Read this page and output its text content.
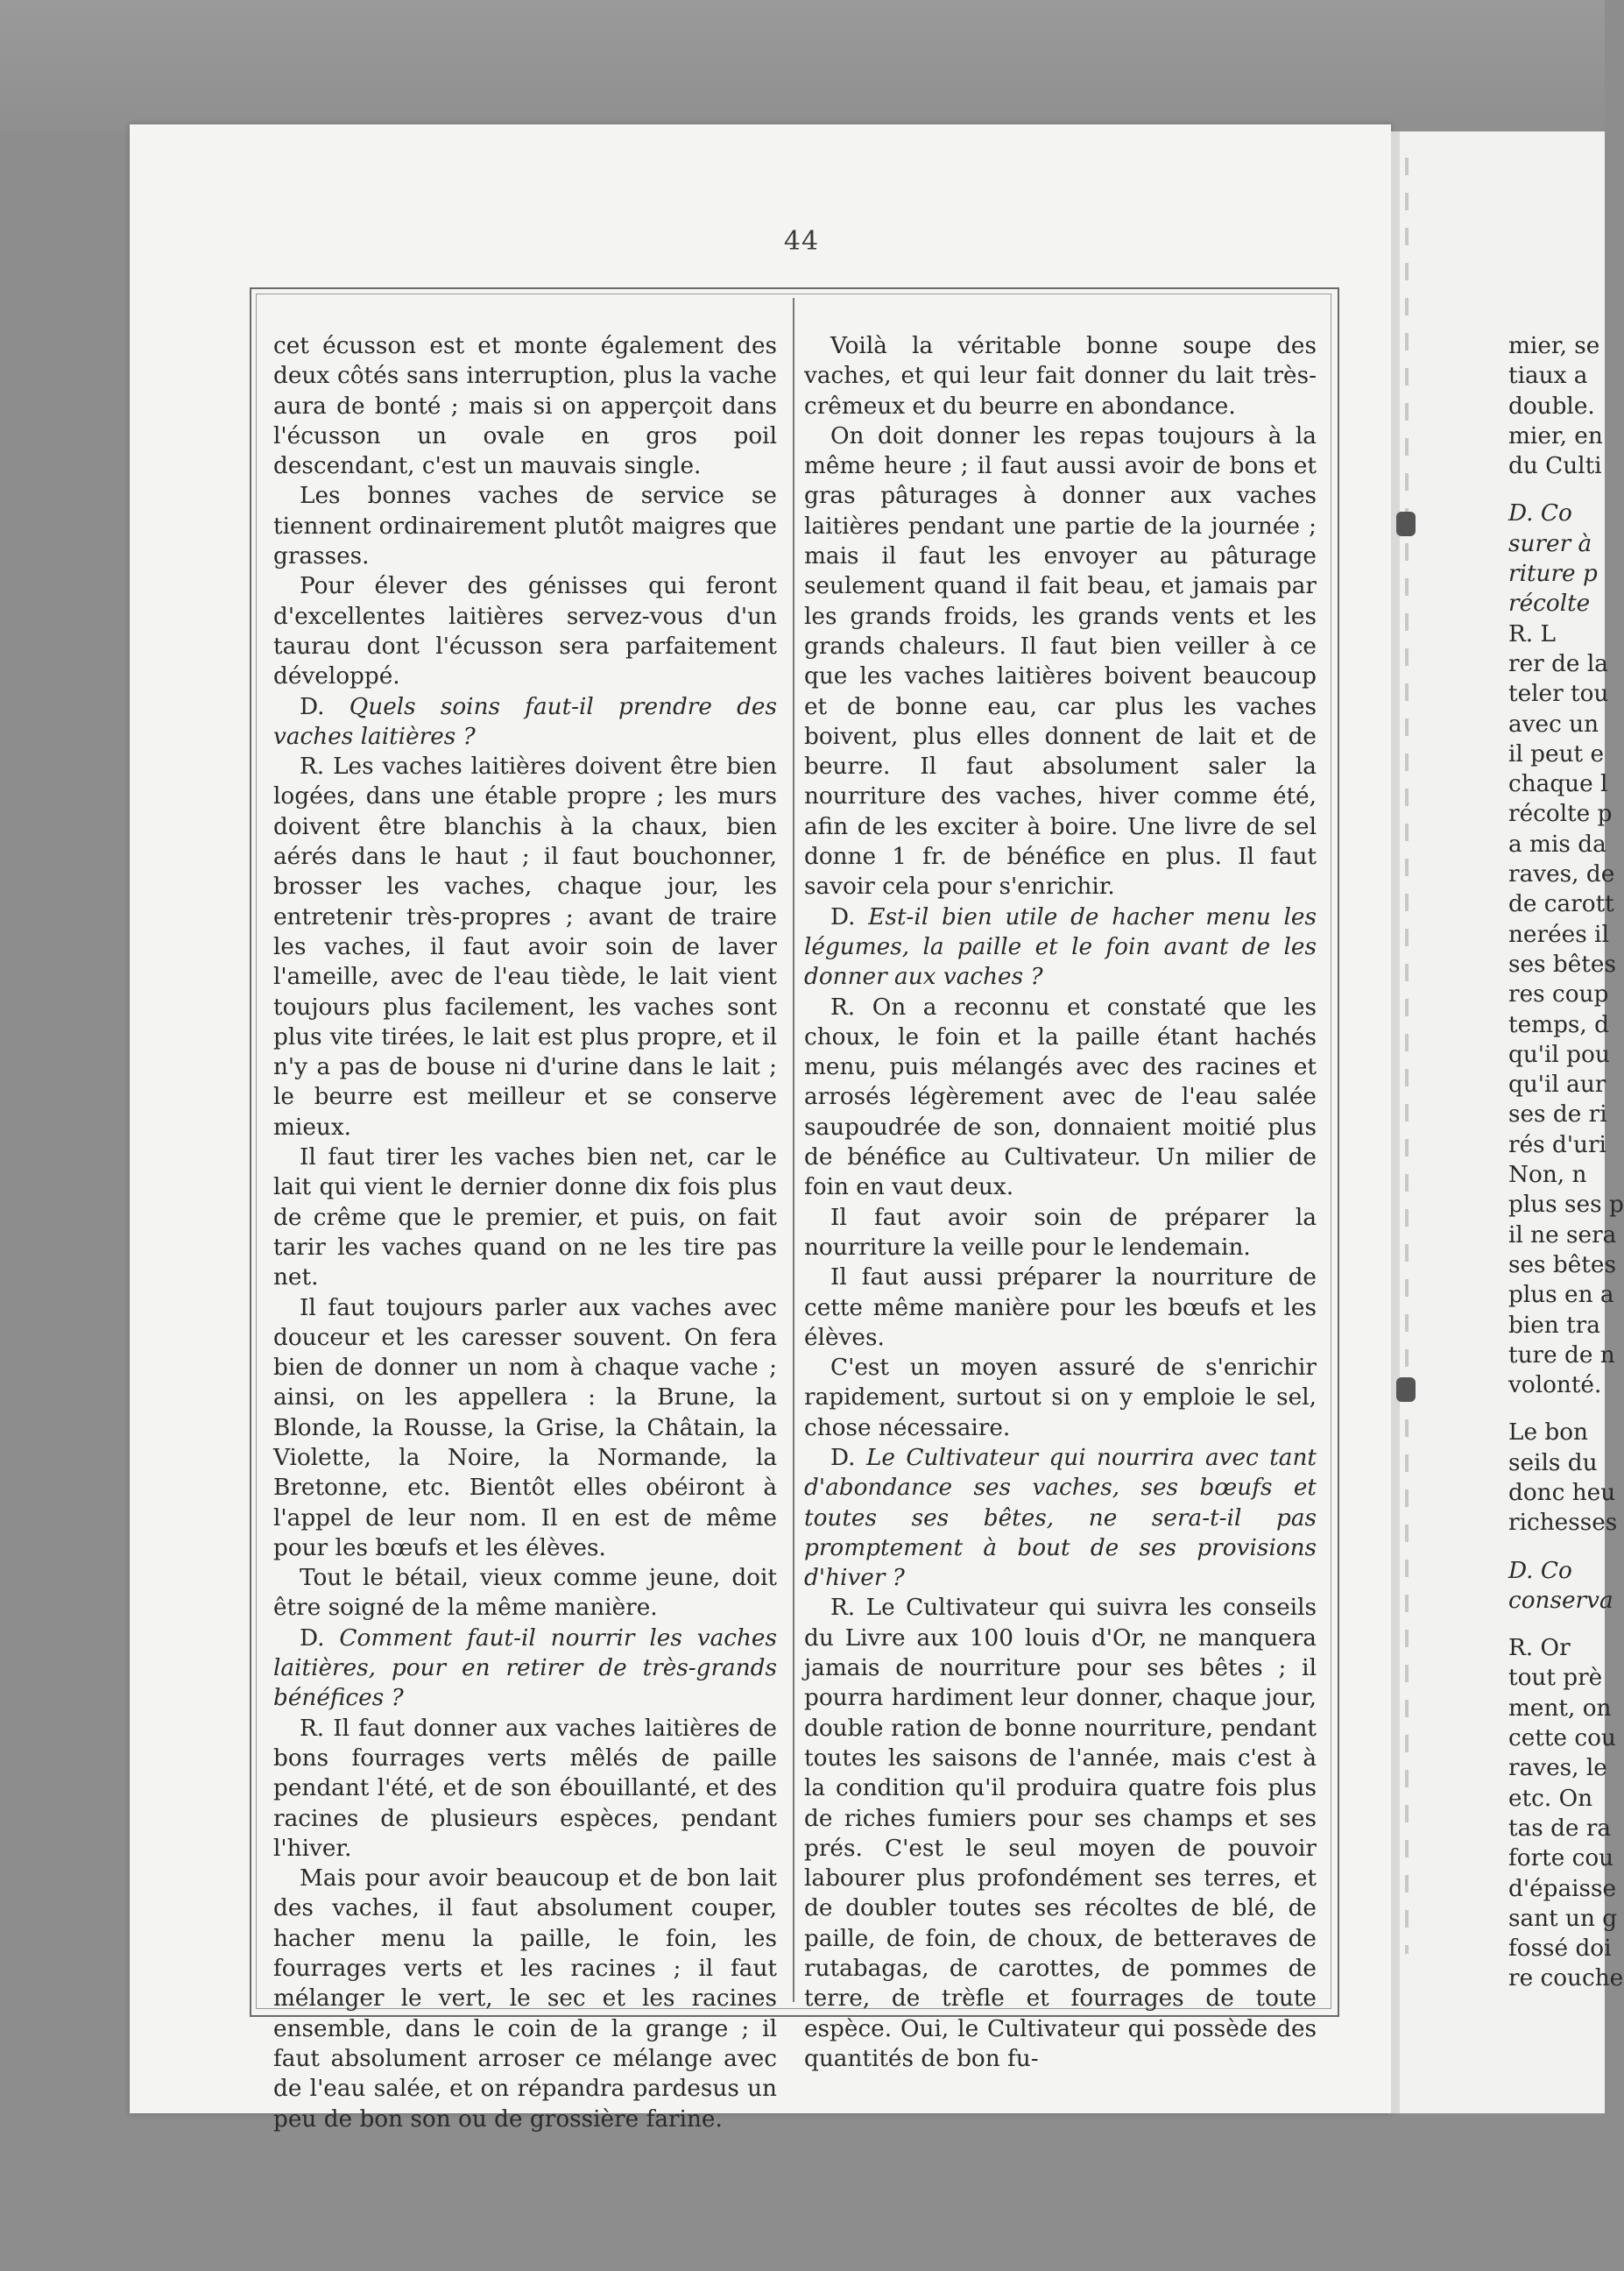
44

cet écusson est et monte également des deux côtés sans interruption, plus la vache aura de bonté ; mais si on apperçoit dans l'écusson un ovale en gros poil descendant, c'est un mauvais single.

Les bonnes vaches de service se tiennent ordinairement plutôt maigres que grasses.

Pour élever des génisses qui feront d'excellentes laitières servez-vous d'un taurau dont l'écusson sera parfaitement développé.

D. Quels soins faut-il prendre des vaches laitières ?

R. Les vaches laitières doivent être bien logées, dans une étable propre ; les murs doivent être blanchis à la chaux, bien aérés dans le haut ; il faut bouchonner, brosser les vaches, chaque jour, les entretenir très-propres ; avant de traire les vaches, il faut avoir soin de laver l'ameille, avec de l'eau tiède, le lait vient toujours plus facilement, les vaches sont plus vite tirées, le lait est plus propre, et il n'y a pas de bouse ni d'urine dans le lait ; le beurre est meilleur et se conserve mieux.

Il faut tirer les vaches bien net, car le lait qui vient le dernier donne dix fois plus de crême que le premier, et puis, on fait tarir les vaches quand on ne les tire pas net.

Il faut toujours parler aux vaches avec douceur et les caresser souvent. On fera bien de donner un nom à chaque vache ; ainsi, on les appellera : la Brune, la Blonde, la Rousse, la Grise, la Châtain, la Violette, la Noire, la Normande, la Bretonne, etc. Bientôt elles obéiront à l'appel de leur nom. Il en est de même pour les bœufs et les élèves.

Tout le bétail, vieux comme jeune, doit être soigné de la même manière.

D. Comment faut-il nourrir les vaches laitières, pour en retirer de très-grands bénéfices ?

R. Il faut donner aux vaches laitières de bons fourrages verts mêlés de paille pendant l'été, et de son ébouillanté, et des racines de plusieurs espèces, pendant l'hiver.

Mais pour avoir beaucoup et de bon lait des vaches, il faut absolument couper, hacher menu la paille, le foin, les fourrages verts et les racines ; il faut mélanger le vert, le sec et les racines ensemble, dans le coin de la grange ; il faut absolument arroser ce mélange avec de l'eau salée, et on répandra pardesus un peu de bon son ou de grossière farine.

Voilà la véritable bonne soupe des vaches, et qui leur fait donner du lait très-crêmeux et du beurre en abondance.

On doit donner les repas toujours à la même heure ; il faut aussi avoir de bons et gras pâturages à donner aux vaches laitières pendant une partie de la journée ; mais il faut les envoyer au pâturage seulement quand il fait beau, et jamais par les grands froids, les grands vents et les grands chaleurs. Il faut bien veiller à ce que les vaches laitières boivent beaucoup et de bonne eau, car plus les vaches boivent, plus elles donnent de lait et de beurre. Il faut absolument saler la nourriture des vaches, hiver comme été, afin de les exciter à boire. Une livre de sel donne 1 fr. de bénéfice en plus. Il faut savoir cela pour s'enrichir.

D. Est-il bien utile de hacher menu les légumes, la paille et le foin avant de les donner aux vaches ?

R. On a reconnu et constaté que les choux, le foin et la paille étant hachés menu, puis mélangés avec des racines et arrosés légèrement avec de l'eau salée saupoudrée de son, donnaient moitié plus de bénéfice au Cultivateur. Un milier de foin en vaut deux.

Il faut avoir soin de préparer la nourriture la veille pour le lendemain.

Il faut aussi préparer la nourriture de cette même manière pour les bœufs et les élèves.

C'est un moyen assuré de s'enrichir rapidement, surtout si on y emploie le sel, chose nécessaire.

D. Le Cultivateur qui nourrira avec tant d'abondance ses vaches, ses bœufs et toutes ses bêtes, ne sera-t-il pas promptement à bout de ses provisions d'hiver ?

R. Le Cultivateur qui suivra les conseils du Livre aux 100 louis d'Or, ne manquera jamais de nourriture pour ses bêtes ; il pourra hardiment leur donner, chaque jour, double ration de bonne nourriture, pendant toutes les saisons de l'année, mais c'est à la condition qu'il produira quatre fois plus de riches fumiers pour ses champs et ses prés. C'est le seul moyen de pouvoir labourer plus profondément ses terres, et de doubler toutes ses récoltes de blé, de paille, de foin, de choux, de betteraves de rutabagas, de carottes, de pommes de terre, de trèfle et fourrages de toute espèce. Oui, le Cultivateur qui possède des quantités de bon fu-

mier, se
tiaux a
double.
mier, en
du Culti
D. Co
surer à
riture p
récolte
R. L
rer de la
teler tou
avec un
il peut e
chaque l
récolte p
a mis da
raves, de
de carott
nerées il
ses bêtes
res coup
temps, d
qu'il pou
qu'il aur
ses de ri
rés d'uri
Non, n
plus ses p
il ne sera
ses bêtes
plus en a
bien tra
ture de n
volonté.
Le bon
seils du
donc heu
richesses
D. Co
conserva
R. Or
tout prè
ment, on
cette cou
raves, le
etc. On
tas de ra
forte cou
d'épaisse
sant un g
fossé doi
re couche
